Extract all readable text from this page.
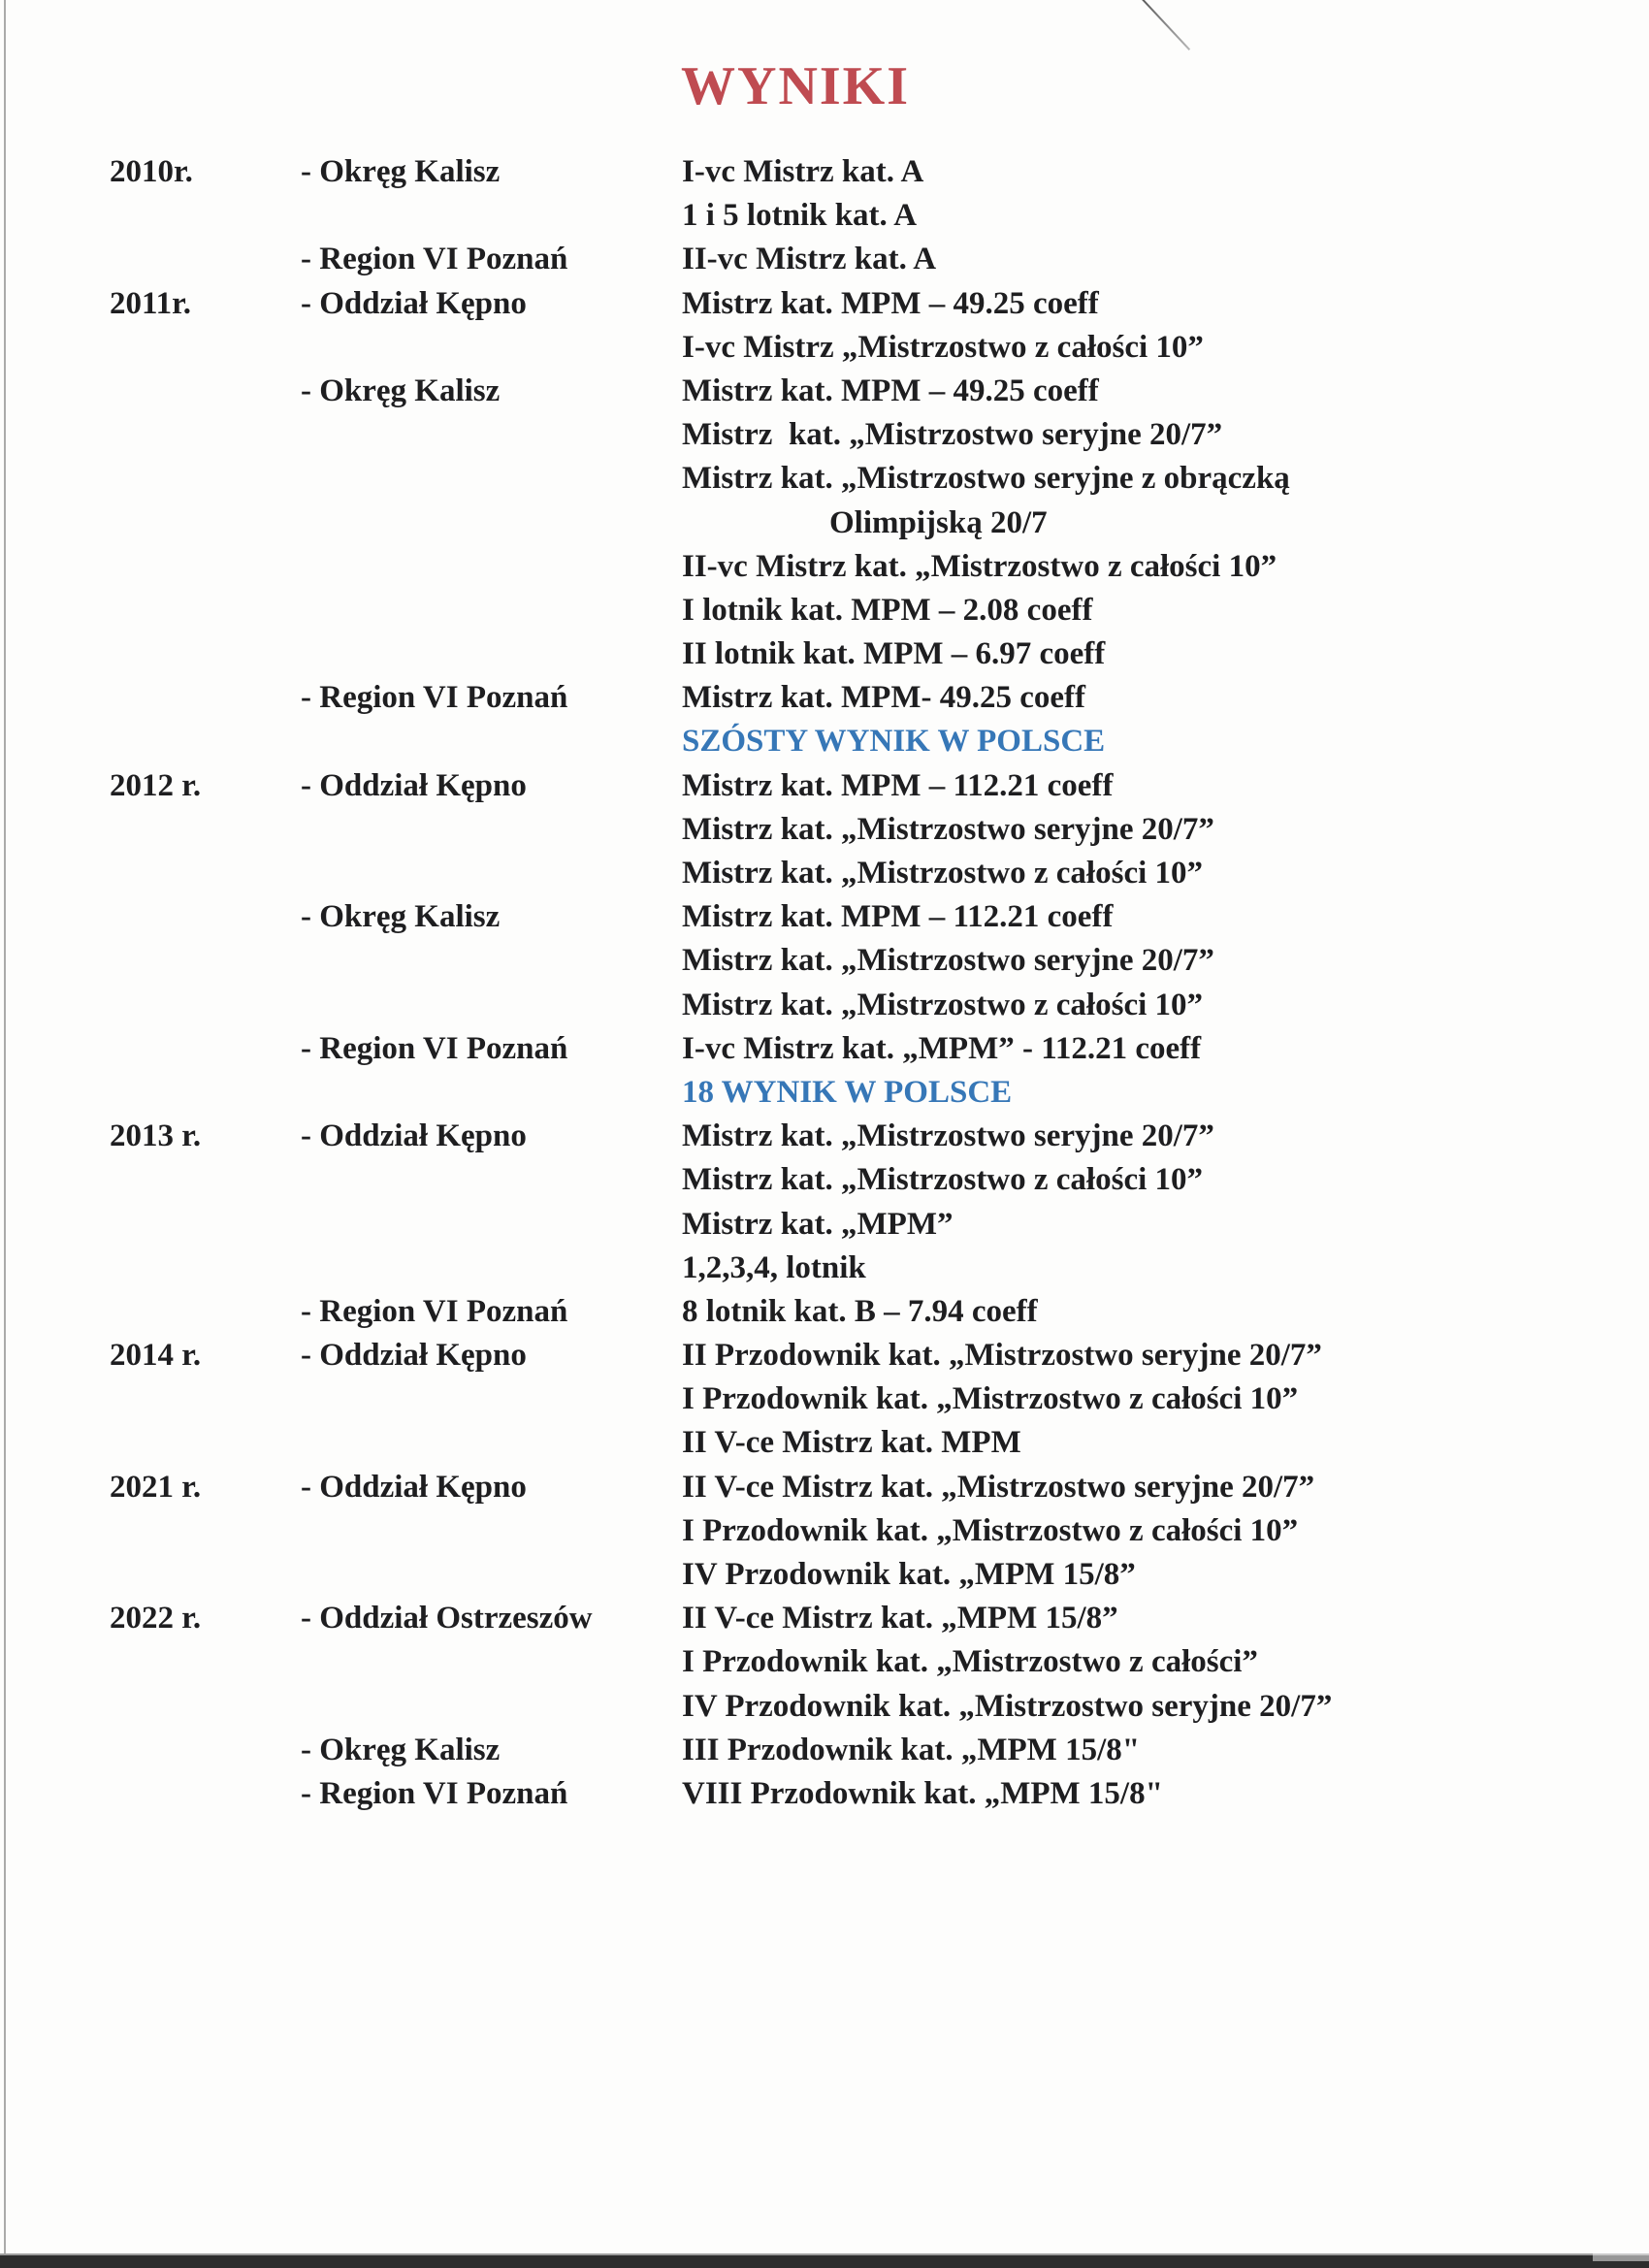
WYNIKI
2010r.	- Okręg Kalisz	I-vc Mistrz kat. A
1 i 5 lotnik kat. A
- Region VI Poznań	II-vc Mistrz kat. A
2011r.	- Oddział Kępno	Mistrz kat. MPM – 49.25 coeff
I-vc Mistrz „Mistrzostwo z całości 10”
- Okręg Kalisz	Mistrz kat. MPM – 49.25 coeff
Mistrz  kat. „Mistrzostwo seryjne 20/7”
Mistrz kat. „Mistrzostwo seryjne z obrączką
Olimpijską 20/7
II-vc Mistrz kat. „Mistrzostwo z całości 10”
I lotnik kat. MPM – 2.08 coeff
II lotnik kat. MPM – 6.97 coeff
- Region VI Poznań	Mistrz kat. MPM- 49.25 coeff
SZÓSTY WYNIK W POLSCE
2012 r.	- Oddział Kępno	Mistrz kat. MPM – 112.21 coeff
Mistrz kat. „Mistrzostwo seryjne 20/7”
Mistrz kat. „Mistrzostwo z całości 10”
- Okręg Kalisz	Mistrz kat. MPM – 112.21 coeff
Mistrz kat. „Mistrzostwo seryjne 20/7”
Mistrz kat. „Mistrzostwo z całości 10”
- Region VI Poznań	I-vc Mistrz kat. „MPM” - 112.21 coeff
18 WYNIK W POLSCE
2013 r.	- Oddział Kępno	Mistrz kat. „Mistrzostwo seryjne 20/7”
Mistrz kat. „Mistrzostwo z całości 10”
Mistrz kat. „MPM”
1,2,3,4, lotnik
- Region VI Poznań	8 lotnik kat. B – 7.94 coeff
2014 r.	- Oddział Kępno	II Przodownik kat. „Mistrzostwo seryjne 20/7”
I Przodownik kat. „Mistrzostwo z całości 10”
II V-ce Mistrz kat. MPM
2021 r.	- Oddział Kępno	II V-ce Mistrz kat. „Mistrzostwo seryjne 20/7”
I Przodownik kat. „Mistrzostwo z całości 10”
IV Przodownik kat. „MPM 15/8”
2022 r.	- Oddział Ostrzeszów	II V-ce Mistrz kat. „MPM 15/8”
I Przodownik kat. „Mistrzostwo z całości”
IV Przodownik kat. „Mistrzostwo seryjne 20/7”
- Okręg Kalisz	III Przodownik kat. „MPM 15/8"
- Region VI Poznań	VIII Przodownik kat. „MPM 15/8"
